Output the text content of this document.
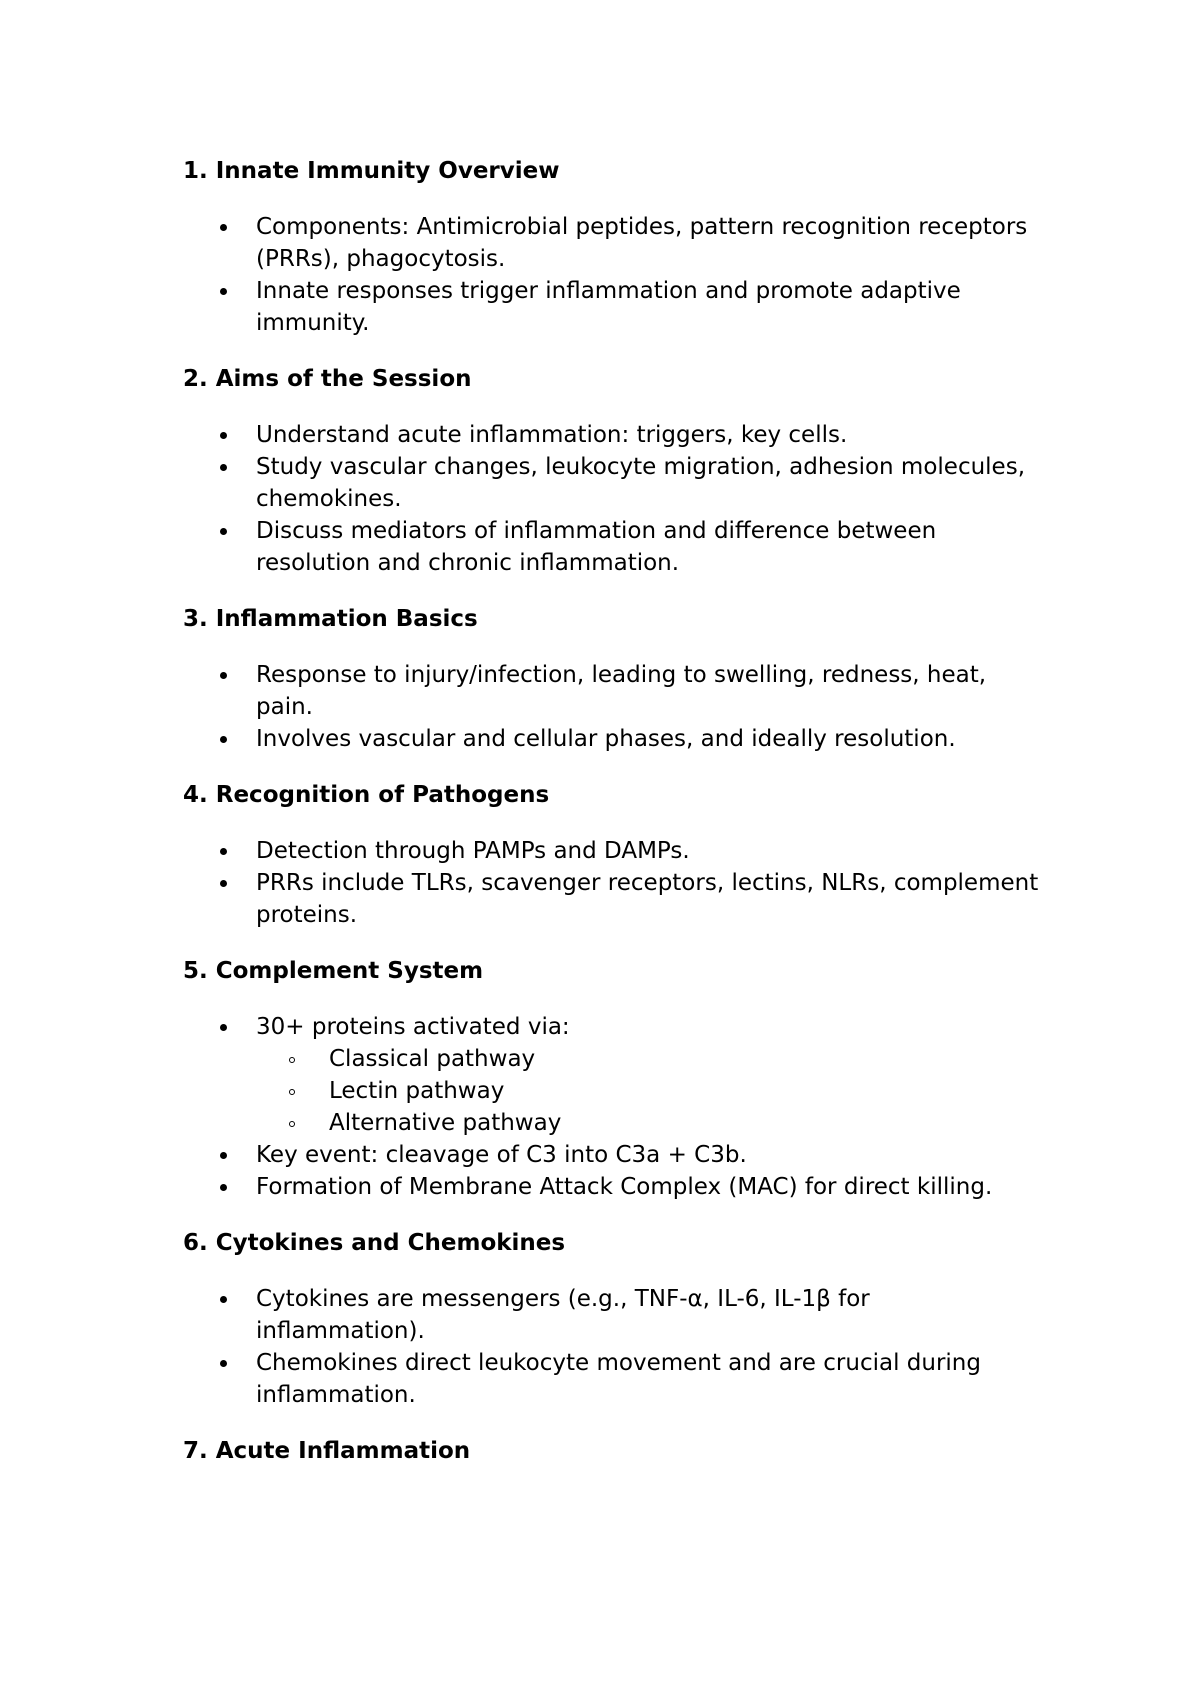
1. Innate Immunity Overview
Components: Antimicrobial peptides, pattern recognition receptors (PRRs), phagocytosis.
Innate responses trigger inflammation and promote adaptive immunity.
2. Aims of the Session
Understand acute inflammation: triggers, key cells.
Study vascular changes, leukocyte migration, adhesion molecules, chemokines.
Discuss mediators of inflammation and difference between resolution and chronic inflammation.
3. Inflammation Basics
Response to injury/infection, leading to swelling, redness, heat, pain.
Involves vascular and cellular phases, and ideally resolution.
4. Recognition of Pathogens
Detection through PAMPs and DAMPs.
PRRs include TLRs, scavenger receptors, lectins, NLRs, complement proteins.
5. Complement System
30+ proteins activated via:
Classical pathway
Lectin pathway
Alternative pathway
Key event: cleavage of C3 into C3a + C3b.
Formation of Membrane Attack Complex (MAC) for direct killing.
6. Cytokines and Chemokines
Cytokines are messengers (e.g., TNF-α, IL-6, IL-1β for inflammation).
Chemokines direct leukocyte movement and are crucial during inflammation.
7. Acute Inflammation
